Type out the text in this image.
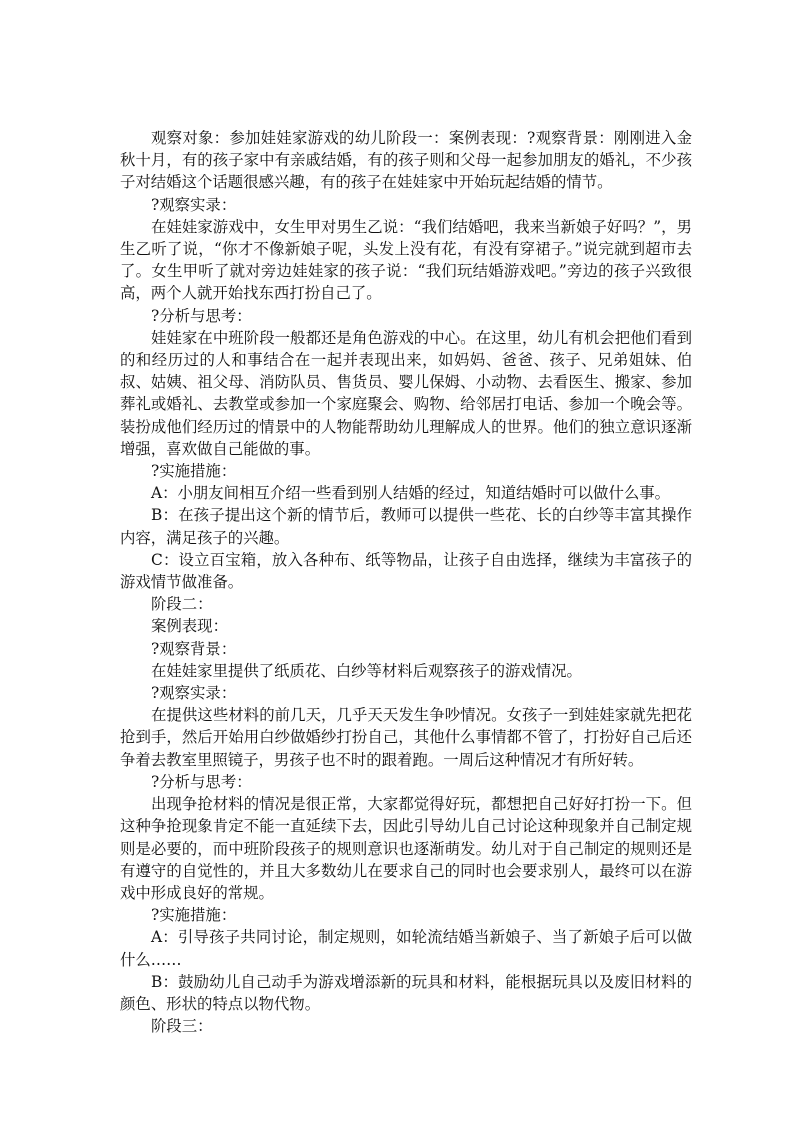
观察对象：参加娃娃家游戏的幼儿阶段一：案例表现：?观察背景：刚刚进入金秋十月，有的孩子家中有亲戚结婚，有的孩子则和父母一起参加朋友的婚礼，不少孩子对结婚这个话题很感兴趣，有的孩子在娃娃家中开始玩起结婚的情节。

?观察实录：

在娃娃家游戏中，女生甲对男生乙说：“我们结婚吧，我来当新娘子好吗？”，男生乙听了说，“你才不像新娘子呢，头发上没有花，有没有穿裙子。”说完就到超市去了。女生甲听了就对旁边娃娃家的孩子说：“我们玩结婚游戏吧。”旁边的孩子兴致很高，两个人就开始找东西打扮自己了。

?分析与思考：

娃娃家在中班阶段一般都还是角色游戏的中心。在这里，幼儿有机会把他们看到的和经历过的人和事结合在一起并表现出来，如妈妈、爸爸、孩子、兄弟姐妹、伯叔、姑姨、祖父母、消防队员、售货员、婴儿保姆、小动物、去看医生、搬家、参加葬礼或婚礼、去教堂或参加一个家庭聚会、购物、给邻居打电话、参加一个晚会等。装扮成他们经历过的情景中的人物能帮助幼儿理解成人的世界。他们的独立意识逐渐增强，喜欢做自己能做的事。

?实施措施：

A：小朋友间相互介绍一些看到别人结婚的经过，知道结婚时可以做什么事。

B：在孩子提出这个新的情节后，教师可以提供一些花、长的白纱等丰富其操作内容，满足孩子的兴趣。

C：设立百宝箱，放入各种布、纸等物品，让孩子自由选择，继续为丰富孩子的游戏情节做准备。

阶段二：

案例表现：

?观察背景：

在娃娃家里提供了纸质花、白纱等材料后观察孩子的游戏情况。

?观察实录：

在提供这些材料的前几天，几乎天天发生争吵情况。女孩子一到娃娃家就先把花抢到手，然后开始用白纱做婚纱打扮自己，其他什么事情都不管了，打扮好自己后还争着去教室里照镜子，男孩子也不时的跟着跑。一周后这种情况才有所好转。

?分析与思考：

出现争抢材料的情况是很正常，大家都觉得好玩，都想把自己好好打扮一下。但这种争抢现象肯定不能一直延续下去，因此引导幼儿自己讨论这种现象并自己制定规则是必要的，而中班阶段孩子的规则意识也逐渐萌发。幼儿对于自己制定的规则还是有遵守的自觉性的，并且大多数幼儿在要求自己的同时也会要求别人，最终可以在游戏中形成良好的常规。

?实施措施：

A：引导孩子共同讨论，制定规则，如轮流结婚当新娘子、当了新娘子后可以做什么……

B：鼓励幼儿自己动手为游戏增添新的玩具和材料，能根据玩具以及废旧材料的颜色、形状的特点以物代物。

阶段三：
